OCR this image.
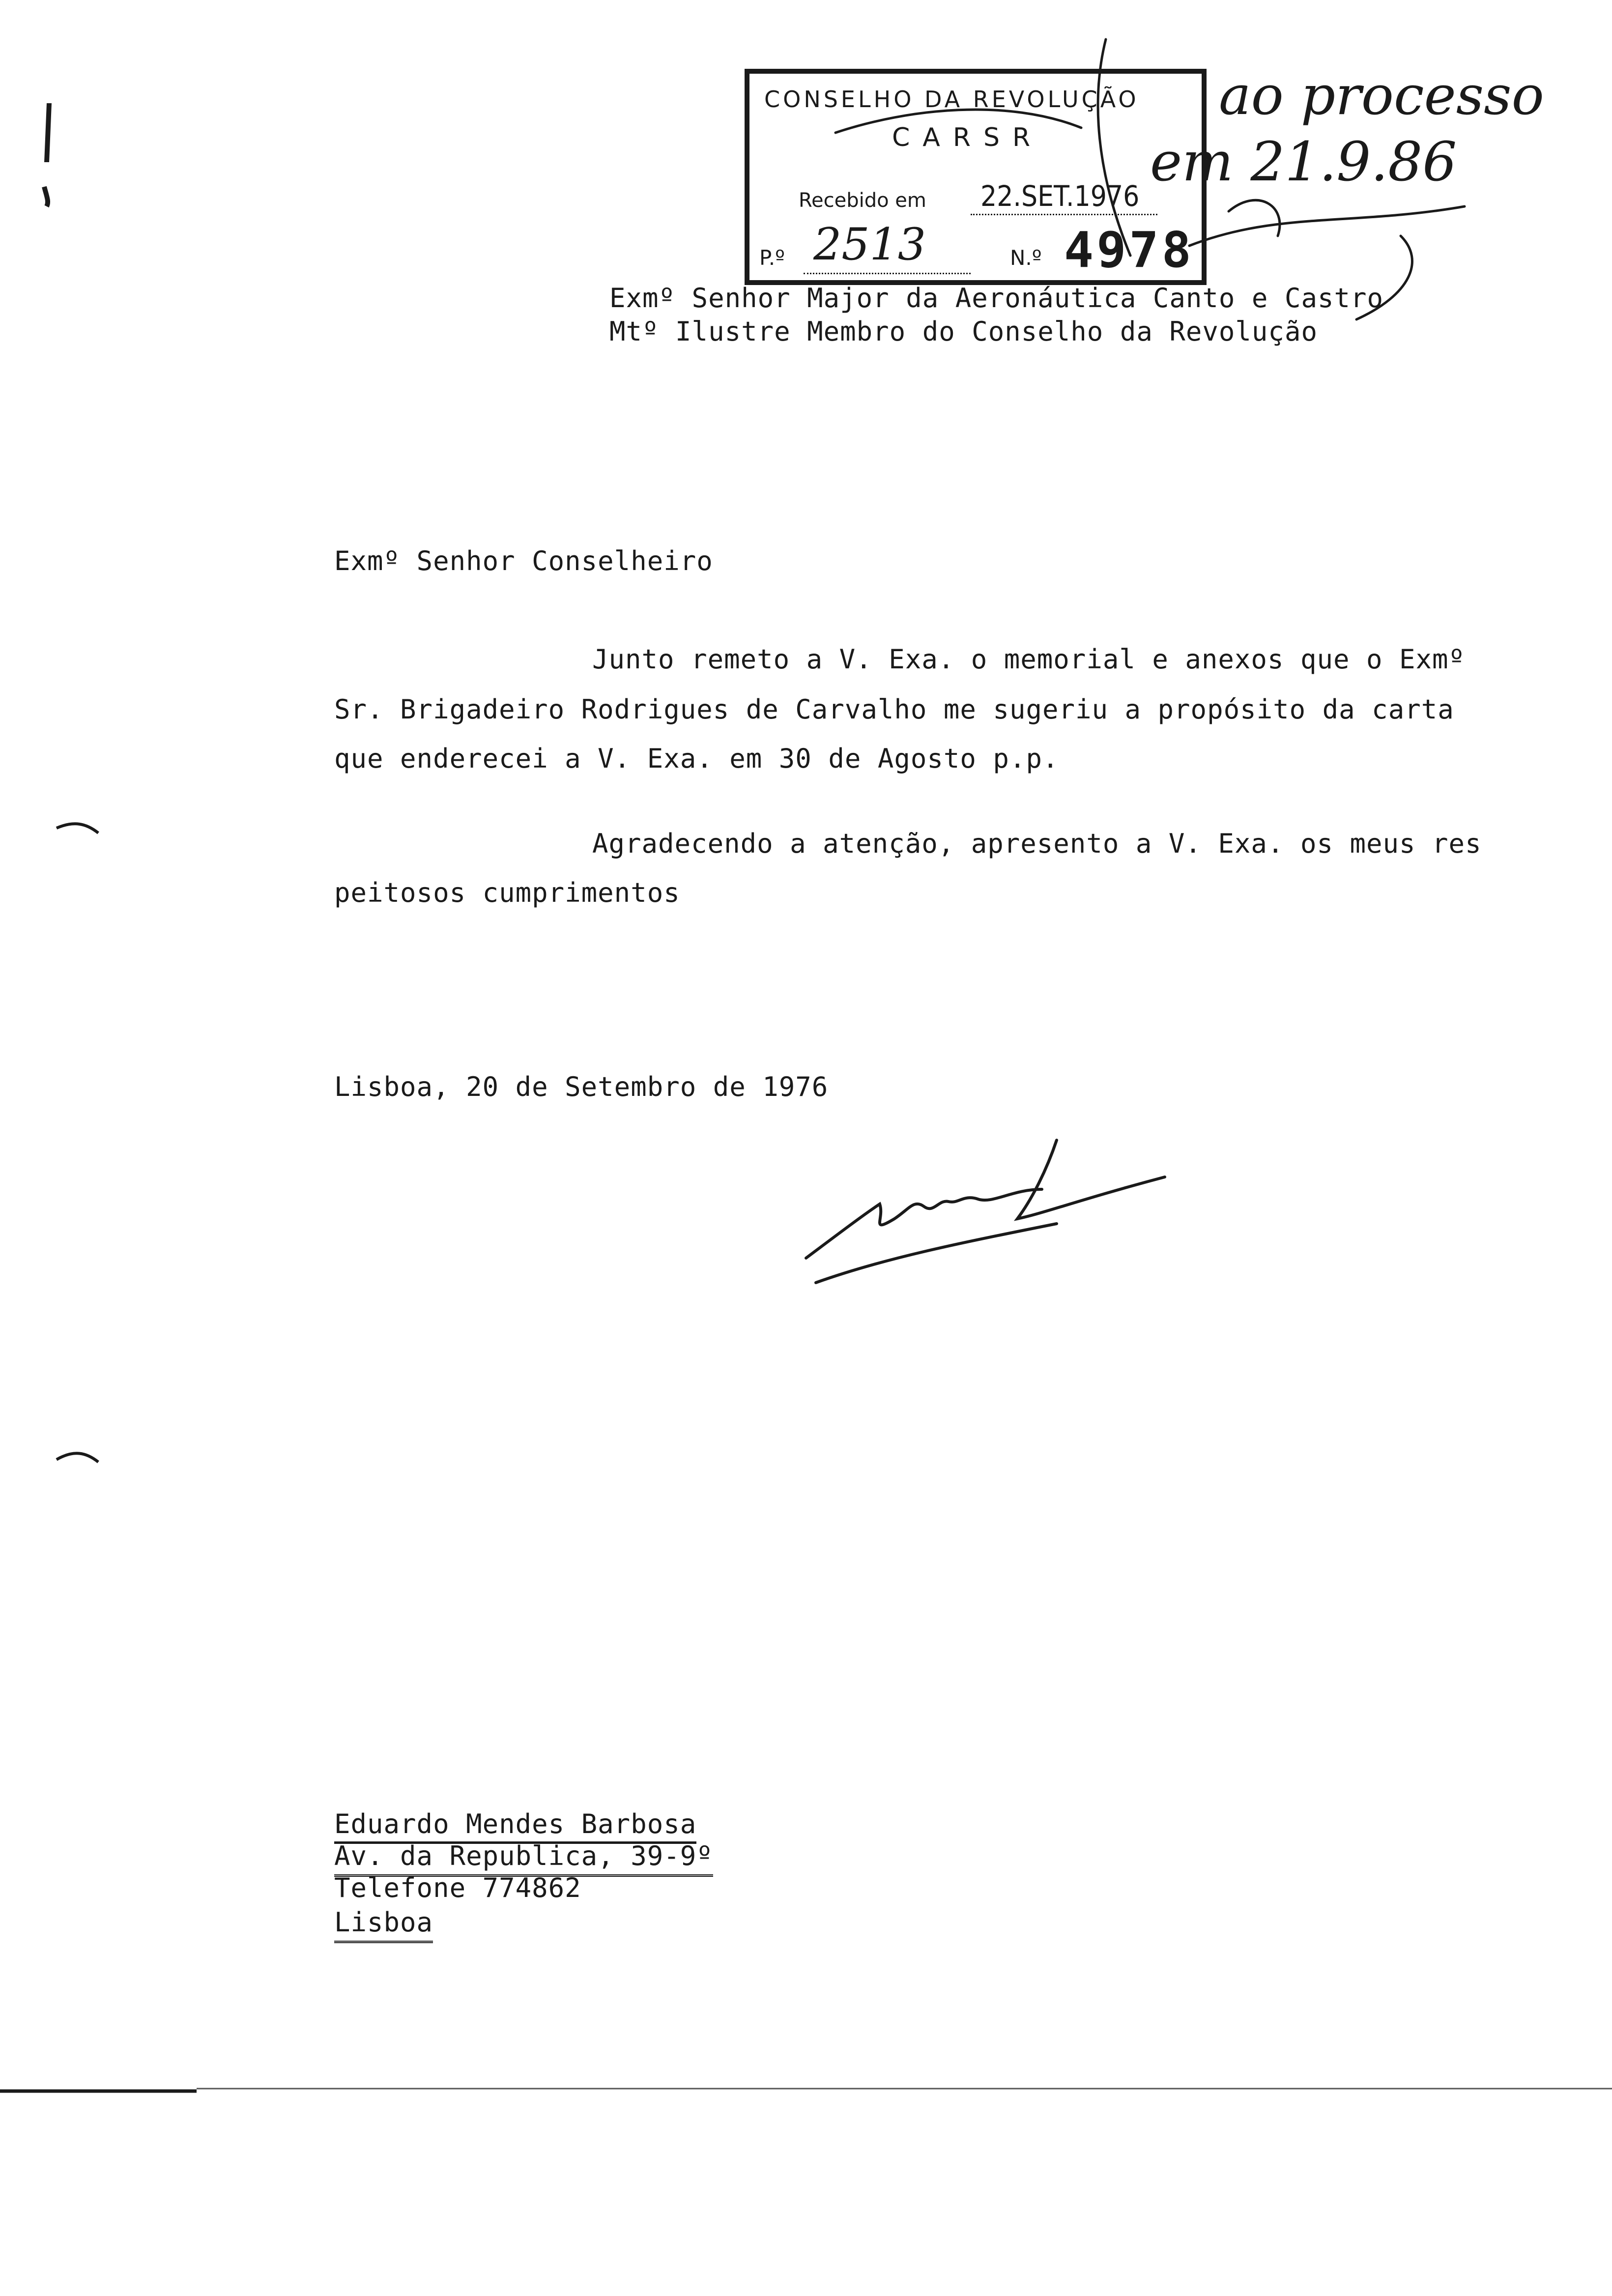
CONSELHO DA REVOLUÇÃO
CARSR
Recebido em 22.SET.1976
P.º 2513	N.º 4978
ao processo
em 21.9.86
Exmº Senhor Major da Aeronáutica Canto e Castro
Mtº Ilustre Membro do Conselho da Revolução
Exmº Senhor Conselheiro
Junto remeto a V. Exa. o memorial e anexos que o Exmº
Sr. Brigadeiro Rodrigues de Carvalho me sugeriu a propósito da carta
que enderecei a V. Exa. em 30 de Agosto p.p.
Agradecendo a atenção, apresento a V. Exa. os meus res
peitosos cumprimentos
Lisboa, 20 de Setembro de 1976
Eduardo Mendes Barbosa
Av. da Republica, 39-9º
Telefone 774862
Lisboa
